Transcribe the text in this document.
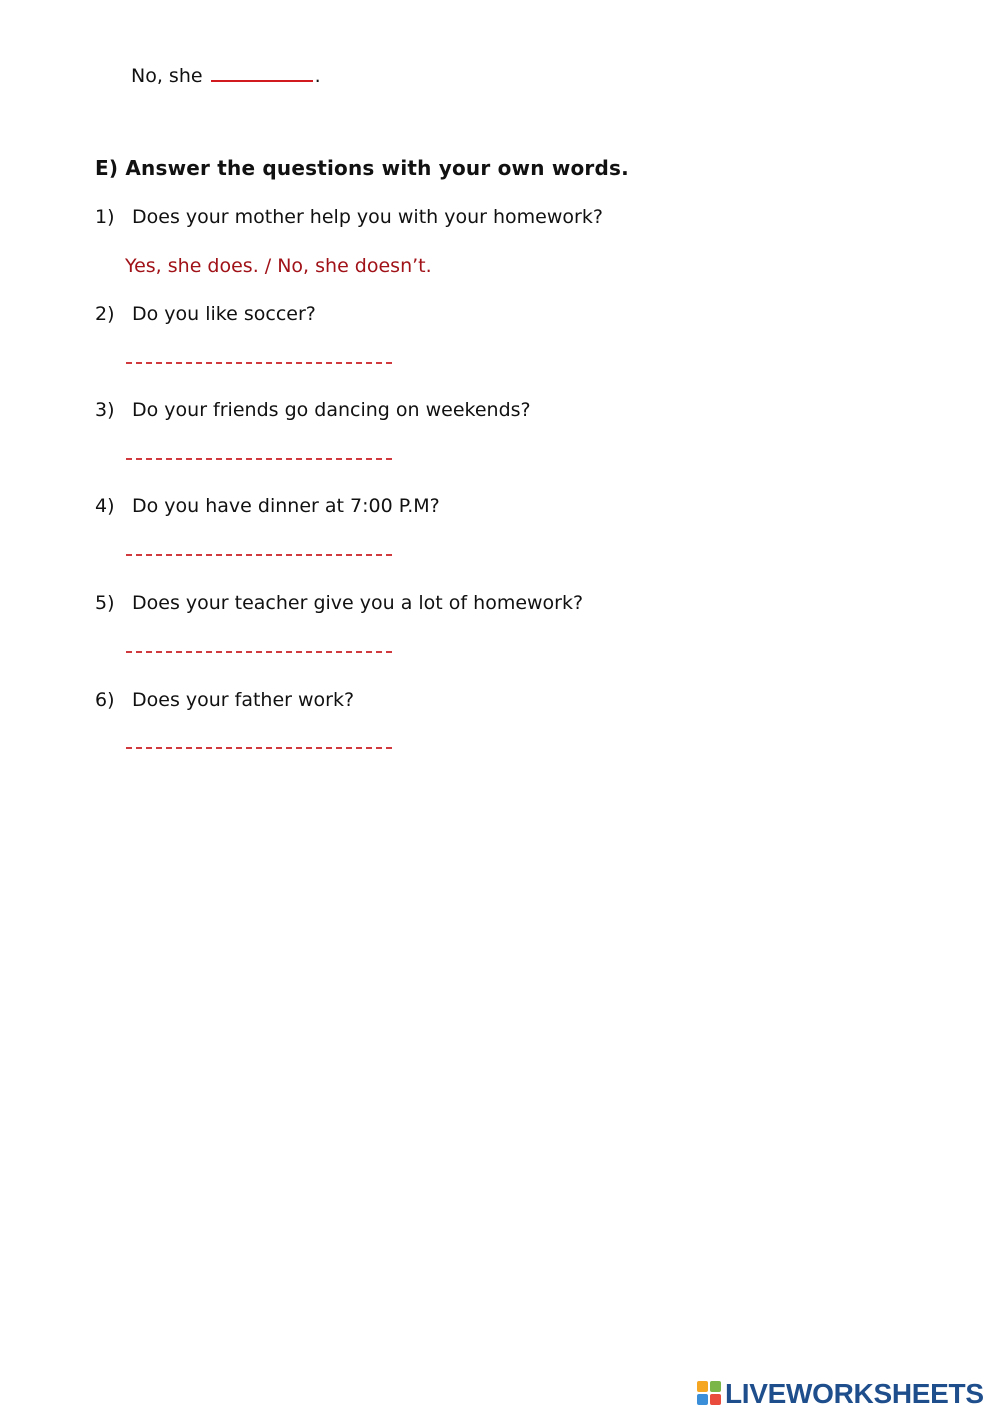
No, she	.
E) Answer the questions with your own words.
1) Does your mother help you with your homework?
Yes, she does. / No, she doesn’t.
2) Do you like soccer?
3) Do your friends go dancing on weekends?
4) Do you have dinner at 7:00 P.M?
5) Does your teacher give you a lot of homework?
6) Does your father work?
LIVEWORKSHEETS
